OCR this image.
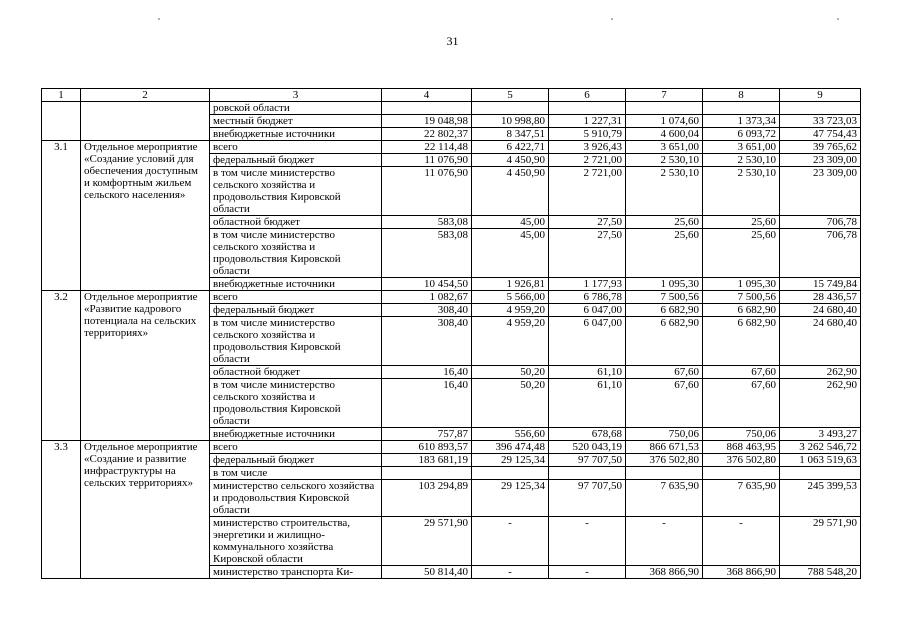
31
1	2	3	4	5	6	7	8	9
		ровской области						
		местный бюджет	19 048,98	10 998,80	1 227,31	1 074,60	1 373,34	33 723,03
		внебюджетные источники	22 802,37	8 347,51	5 910,79	4 600,04	6 093,72	47 754,43
3.1	Отдельное мероприятие «Создание условий для обеспечения доступным и комфортным жильем сельского населения»	всего	22 114,48	6 422,71	3 926,43	3 651,00	3 651,00	39 765,62
		федеральный бюджет	11 076,90	4 450,90	2 721,00	2 530,10	2 530,10	23 309,00
		в том числе министерство сельского хозяйства и продовольствия Кировской области	11 076,90	4 450,90	2 721,00	2 530,10	2 530,10	23 309,00
		областной бюджет	583,08	45,00	27,50	25,60	25,60	706,78
		в том числе министерство сельского хозяйства и продовольствия Кировской области	583,08	45,00	27,50	25,60	25,60	706,78
		внебюджетные источники	10 454,50	1 926,81	1 177,93	1 095,30	1 095,30	15 749,84
3.2	Отдельное мероприятие «Развитие кадрового потенциала на сельских территориях»	всего	1 082,67	5 566,00	6 786,78	7 500,56	7 500,56	28 436,57
		федеральный бюджет	308,40	4 959,20	6 047,00	6 682,90	6 682,90	24 680,40
		в том числе министерство сельского хозяйства и продовольствия Кировской области	308,40	4 959,20	6 047,00	6 682,90	6 682,90	24 680,40
		областной бюджет	16,40	50,20	61,10	67,60	67,60	262,90
		в том числе министерство сельского хозяйства и продовольствия Кировской области	16,40	50,20	61,10	67,60	67,60	262,90
		внебюджетные источники	757,87	556,60	678,68	750,06	750,06	3 493,27
3.3	Отдельное мероприятие «Создание и развитие инфраструктуры на сельских территориях»	всего	610 893,57	396 474,48	520 043,19	866 671,53	868 463,95	3 262 546,72
		федеральный бюджет	183 681,19	29 125,34	97 707,50	376 502,80	376 502,80	1 063 519,63
		в том числе						
		министерство сельского хозяйства и продовольствия Кировской области	103 294,89	29 125,34	97 707,50	7 635,90	7 635,90	245 399,53
		министерство строительства, энергетики и жилищно-коммунального хозяйства Кировской области	29 571,90	-	-	-	-	29 571,90
		министерство транспорта Ки-	50 814,40	-	-	368 866,90	368 866,90	788 548,20
